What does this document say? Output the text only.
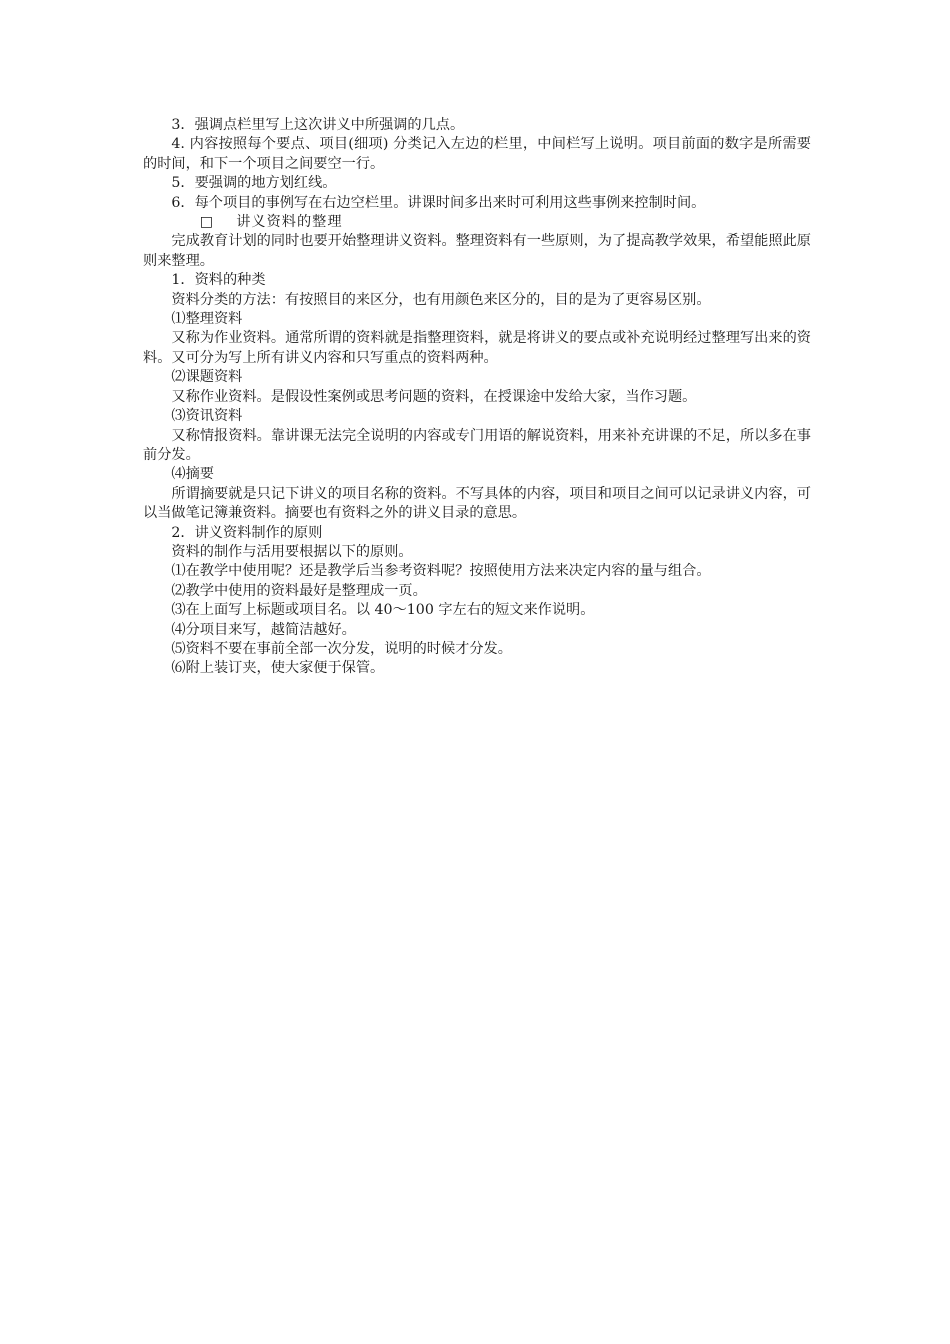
3．强调点栏里写上这次讲义中所强调的几点。

4. 内容按照每个要点、项目(细项) 分类记入左边的栏里，中间栏写上说明。项目前面的数字是所需要的时间，和下一个项目之间要空一行。

5．要强调的地方划红线。

6．每个项目的事例写在右边空栏里。讲课时间多出来时可利用这些事例来控制时间。

□ 讲义资料的整理

完成教育计划的同时也要开始整理讲义资料。整理资料有一些原则，为了提高教学效果，希望能照此原则来整理。

1．资料的种类

资料分类的方法：有按照目的来区分，也有用颜色来区分的，目的是为了更容易区别。

⑴整理资料

又称为作业资料。通常所谓的资料就是指整理资料，就是将讲义的要点或补充说明经过整理写出来的资料。又可分为写上所有讲义内容和只写重点的资料两种。

⑵课题资料

又称作业资料。是假设性案例或思考问题的资料，在授课途中发给大家，当作习题。

⑶资讯资料

又称情报资料。靠讲课无法完全说明的内容或专门用语的解说资料，用来补充讲课的不足，所以多在事前分发。

⑷摘要

所谓摘要就是只记下讲义的项目名称的资料。不写具体的内容，项目和项目之间可以记录讲义内容，可以当做笔记簿兼资料。摘要也有资料之外的讲义目录的意思。

2．讲义资料制作的原则

资料的制作与活用要根据以下的原则。

⑴在教学中使用呢？还是教学后当参考资料呢？按照使用方法来决定内容的量与组合。

⑵教学中使用的资料最好是整理成一页。

⑶在上面写上标题或项目名。以 40～100 字左右的短文来作说明。

⑷分项目来写，越简洁越好。

⑸资料不要在事前全部一次分发，说明的时候才分发。

⑹附上装订夹，使大家便于保管。
